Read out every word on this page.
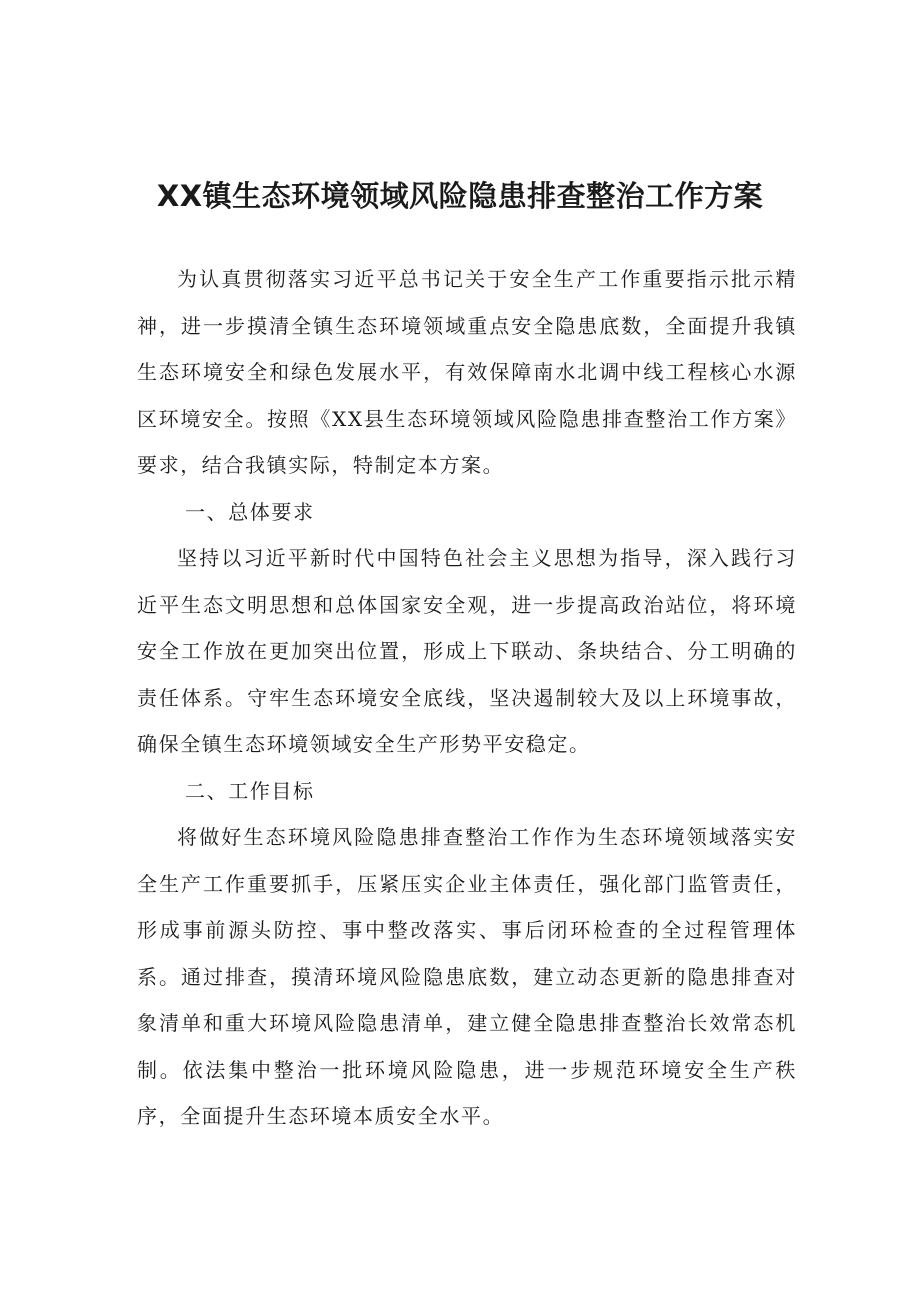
XX镇生态环境领域风险隐患排查整治工作方案

为认真贯彻落实习近平总书记关于安全生产工作重要指示批示精神，进一步摸清全镇生态环境领域重点安全隐患底数，全面提升我镇生态环境安全和绿色发展水平，有效保障南水北调中线工程核心水源区环境安全。按照《XX县生态环境领域风险隐患排查整治工作方案》要求，结合我镇实际，特制定本方案。

一、总体要求

坚持以习近平新时代中国特色社会主义思想为指导，深入践行习近平生态文明思想和总体国家安全观，进一步提高政治站位，将环境安全工作放在更加突出位置，形成上下联动、条块结合、分工明确的责任体系。守牢生态环境安全底线，坚决遏制较大及以上环境事故，确保全镇生态环境领域安全生产形势平安稳定。

二、工作目标

将做好生态环境风险隐患排查整治工作作为生态环境领域落实安全生产工作重要抓手，压紧压实企业主体责任，强化部门监管责任，形成事前源头防控、事中整改落实、事后闭环检查的全过程管理体系。通过排查，摸清环境风险隐患底数，建立动态更新的隐患排查对象清单和重大环境风险隐患清单，建立健全隐患排查整治长效常态机制。依法集中整治一批环境风险隐患，进一步规范环境安全生产秩序，全面提升生态环境本质安全水平。
